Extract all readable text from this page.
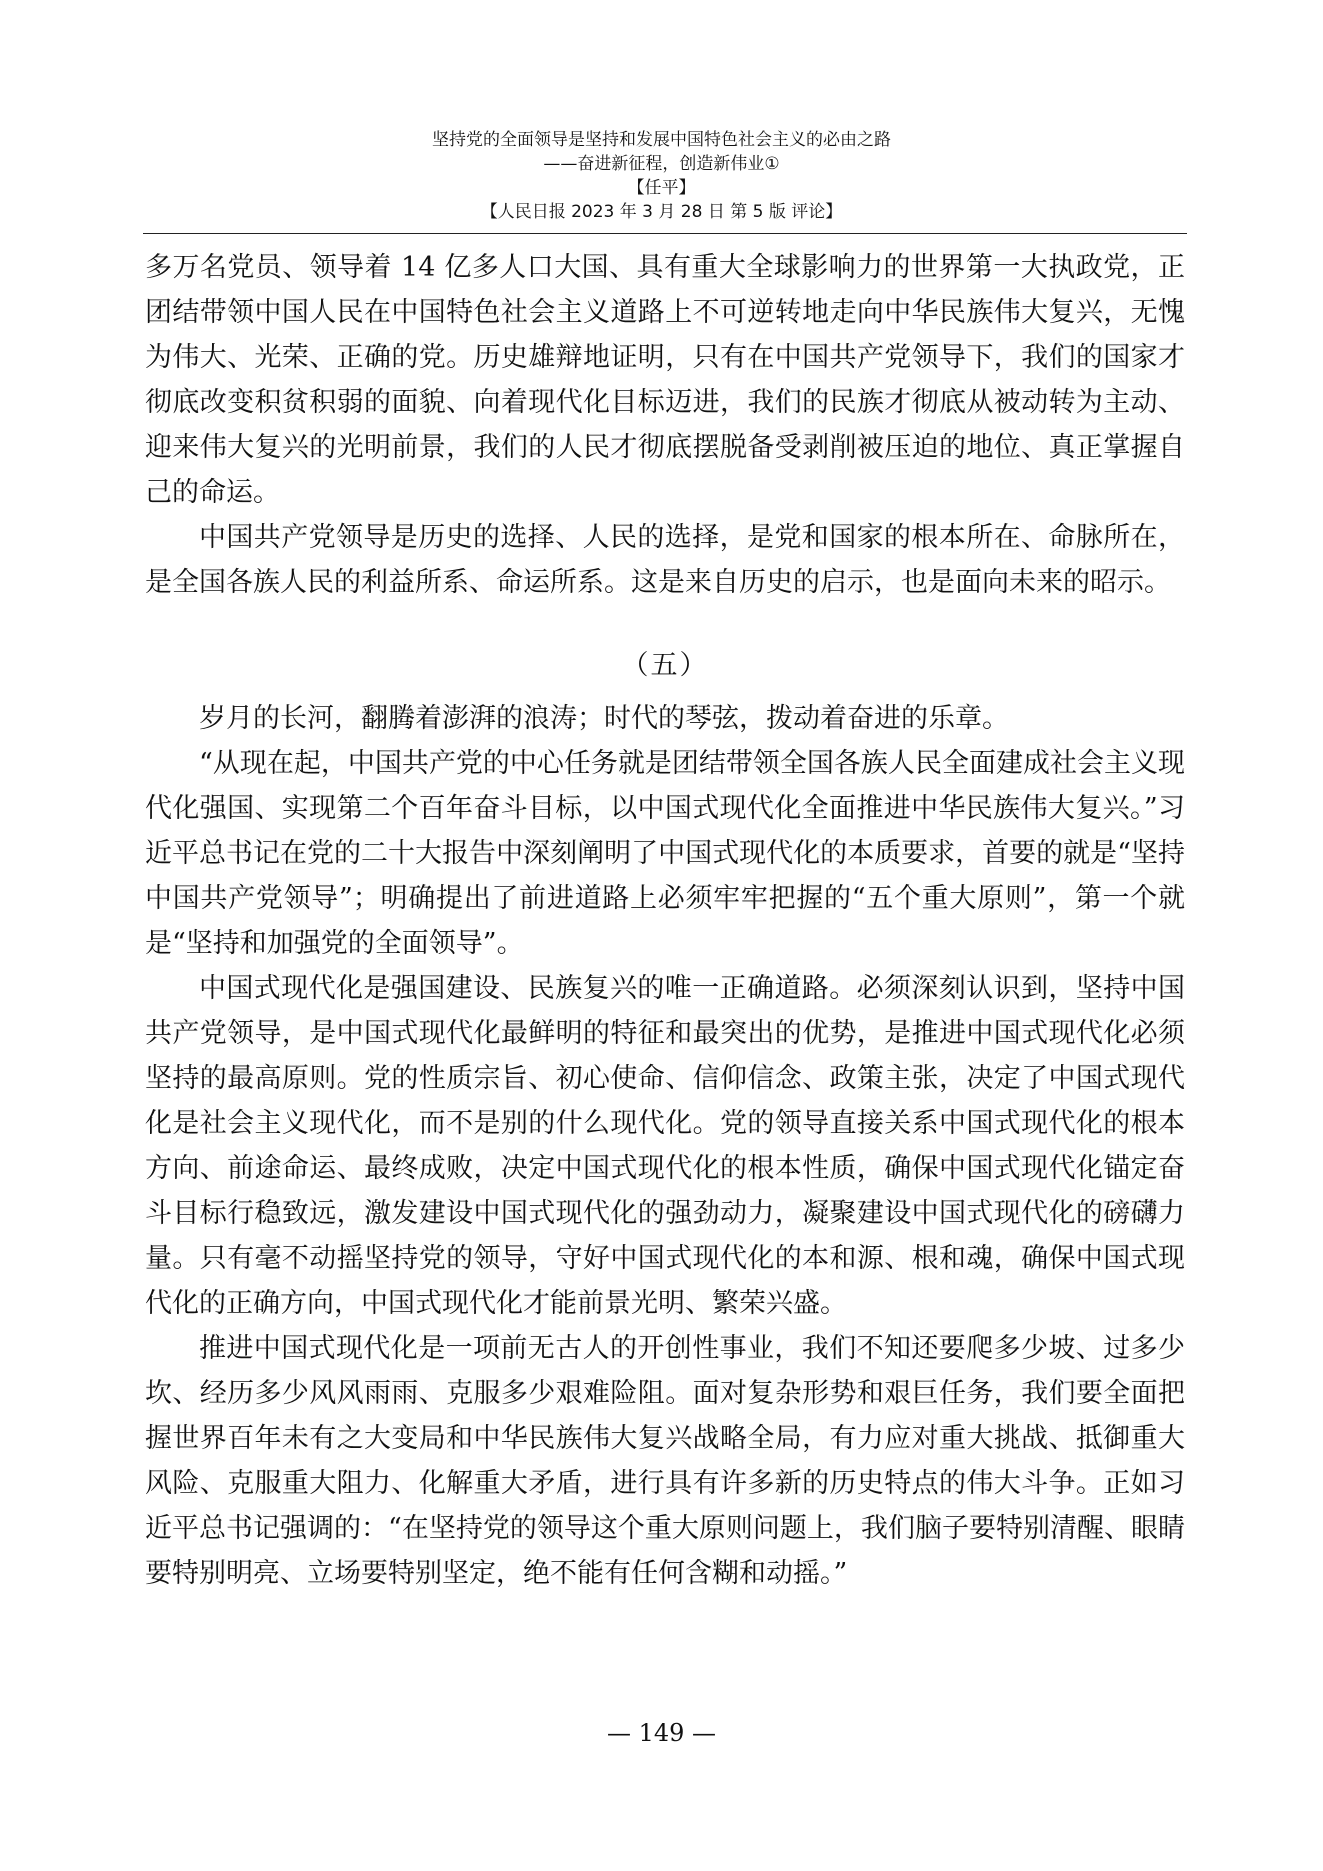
坚持党的全面领导是坚持和发展中国特色社会主义的必由之路
——奋进新征程，创造新伟业①
【任平】
【人民日报 2023 年 3 月 28 日 第 5 版 评论】

多万名党员、领导着 14 亿多人口大国、具有重大全球影响力的世界第一大执政党，正团结带领中国人民在中国特色社会主义道路上不可逆转地走向中华民族伟大复兴，无愧为伟大、光荣、正确的党。历史雄辩地证明，只有在中国共产党领导下，我们的国家才彻底改变积贫积弱的面貌、向着现代化目标迈进，我们的民族才彻底从被动转为主动、迎来伟大复兴的光明前景，我们的人民才彻底摆脱备受剥削被压迫的地位、真正掌握自己的命运。

中国共产党领导是历史的选择、人民的选择，是党和国家的根本所在、命脉所在，是全国各族人民的利益所系、命运所系。这是来自历史的启示，也是面向未来的昭示。

（五）

岁月的长河，翻腾着澎湃的浪涛；时代的琴弦，拨动着奋进的乐章。

“从现在起，中国共产党的中心任务就是团结带领全国各族人民全面建成社会主义现代化强国、实现第二个百年奋斗目标，以中国式现代化全面推进中华民族伟大复兴。”习近平总书记在党的二十大报告中深刻阐明了中国式现代化的本质要求，首要的就是“坚持中国共产党领导”；明确提出了前进道路上必须牢牢把握的“五个重大原则”，第一个就是“坚持和加强党的全面领导”。

中国式现代化是强国建设、民族复兴的唯一正确道路。必须深刻认识到，坚持中国共产党领导，是中国式现代化最鲜明的特征和最突出的优势，是推进中国式现代化必须坚持的最高原则。党的性质宗旨、初心使命、信仰信念、政策主张，决定了中国式现代化是社会主义现代化，而不是别的什么现代化。党的领导直接关系中国式现代化的根本方向、前途命运、最终成败，决定中国式现代化的根本性质，确保中国式现代化锚定奋斗目标行稳致远，激发建设中国式现代化的强劲动力，凝聚建设中国式现代化的磅礴力量。只有毫不动摇坚持党的领导，守好中国式现代化的本和源、根和魂，确保中国式现代化的正确方向，中国式现代化才能前景光明、繁荣兴盛。

推进中国式现代化是一项前无古人的开创性事业，我们不知还要爬多少坡、过多少坎、经历多少风风雨雨、克服多少艰难险阻。面对复杂形势和艰巨任务，我们要全面把握世界百年未有之大变局和中华民族伟大复兴战略全局，有力应对重大挑战、抵御重大风险、克服重大阻力、化解重大矛盾，进行具有许多新的历史特点的伟大斗争。正如习近平总书记强调的：“在坚持党的领导这个重大原则问题上，我们脑子要特别清醒、眼睛要特别明亮、立场要特别坚定，绝不能有任何含糊和动摇。”

— 149 —
